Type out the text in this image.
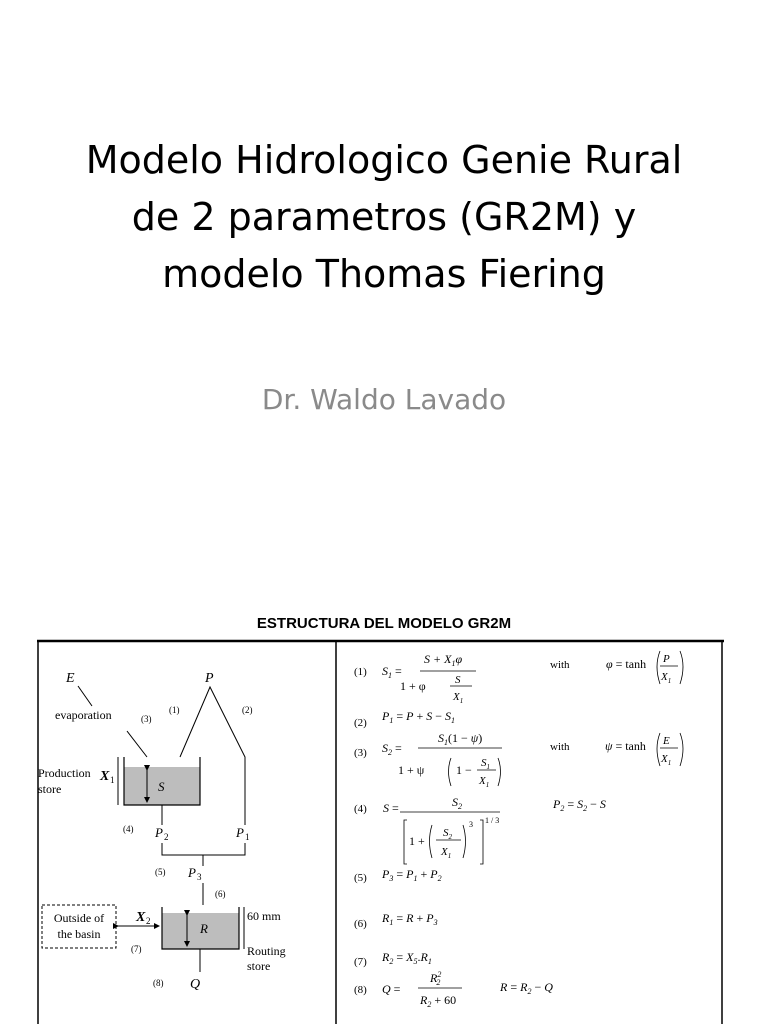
Modelo Hidrologico Genie Rural
de 2 parametros (GR2M) y
modelo Thomas Fiering
Dr. Waldo Lavado
ESTRUCTURA DEL MODELO GR2M
E
evaporation
P
(1)	(2)
(3)
S
Production
store
X 1
(4) P 2	P 1
(5) P 3
(6)
R
60 mm
Routing
store
Outside of
the basin
X 2
(7)
(8) Q
(1) $S_1$ =
$S + X_1\varphi$
1 + φ	S
$X_1$
with	φ = tanh P
$X_1$
(2) $P_1 = P + S - S_1$
(3) $S_2$ =
$S_1(1 - \psi)$
1 + ψ	$1 - S_1$
$X_1$
with	ψ = tanh E
$X_1$
(4) S =	$S_2$
1 +
$S_2$
$X_1$
3 1 / 3
$P_2 = S_2 - S$
(5) $P_3 = P_1 + P_2$
(6) $R_1 = R + P_3$
(7) $R_2 = X_5.R_1$
(8) Q =
$R^2$ 2
$R_2 + 60$
$R = R_2 - Q$
